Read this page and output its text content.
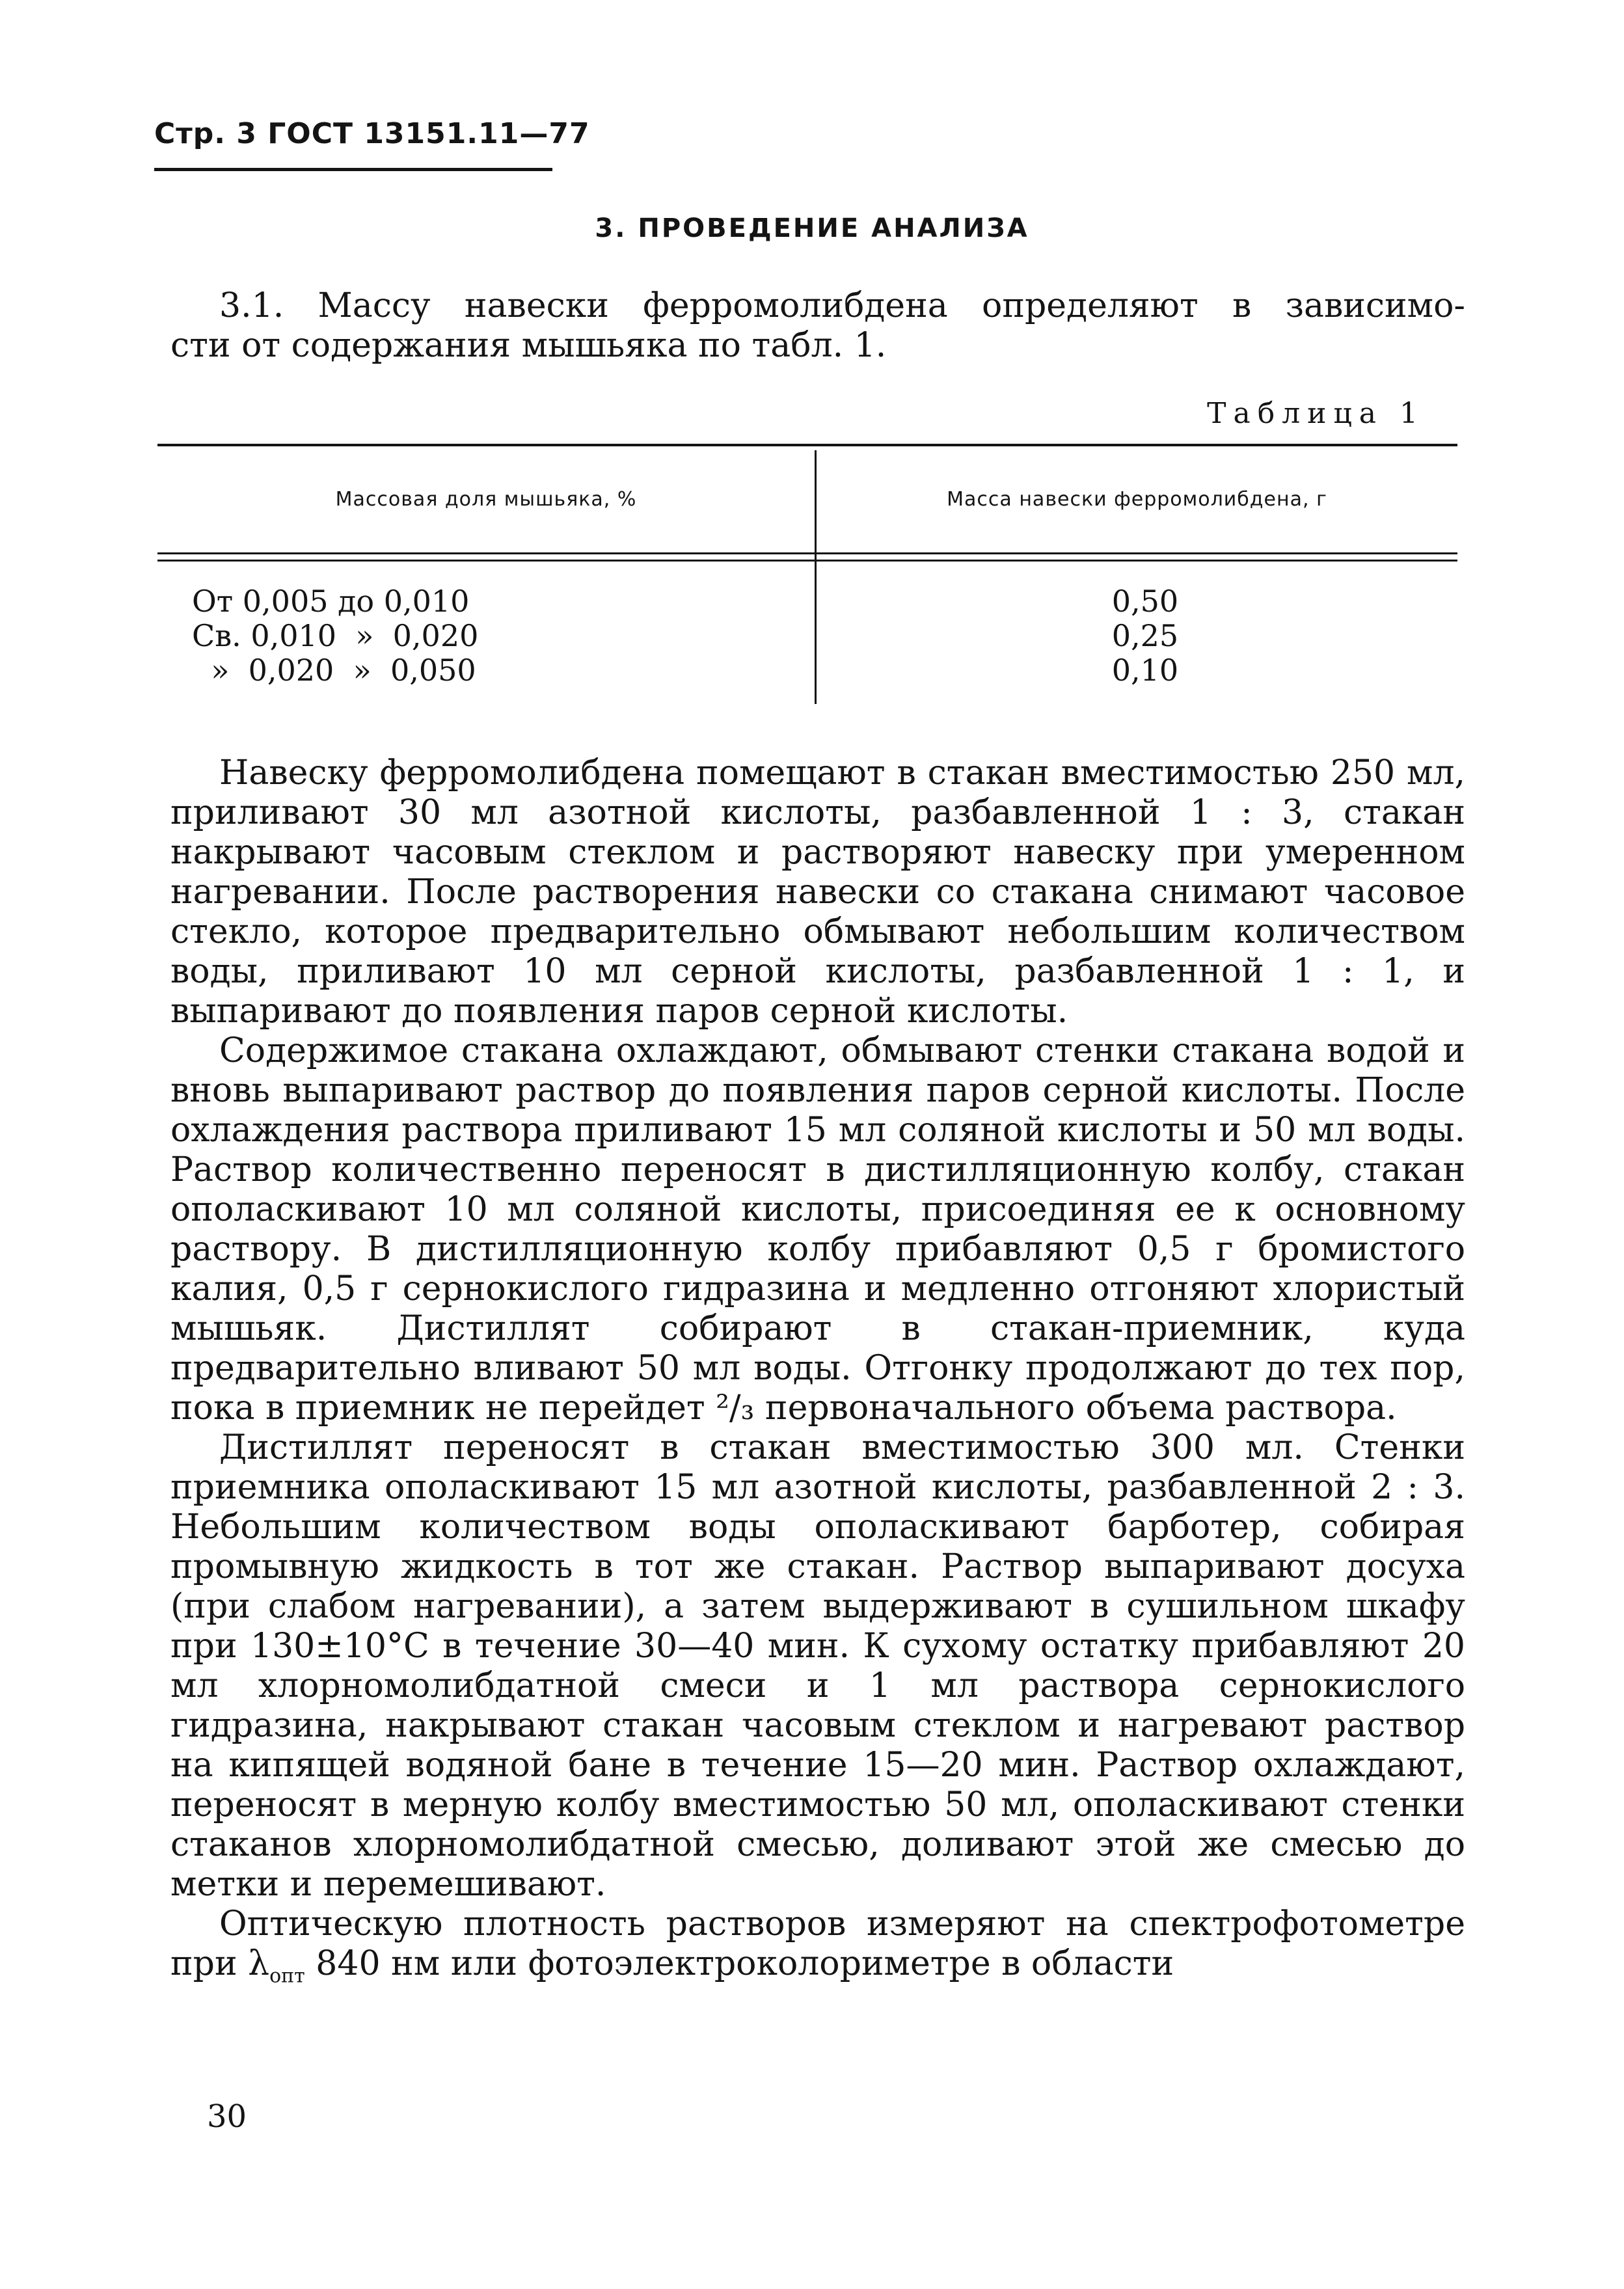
Стр. 3 ГОСТ 13151.11—77
3. ПРОВЕДЕНИЕ АНАЛИЗА
3.1. Массу навески ферромолибдена определяют в зависимо-
сти от содержания мышьяка по табл. 1.
Таблица 1
Массовая доля мышьяка, %	Масса навески ферромолибдена, г
От 0,005 до 0,010
Св. 0,010  »  0,020
»  0,020  »  0,050
0,50
0,25
0,10

Навеску ферромолибдена помещают в стакан вместимостью 250 мл, приливают 30 мл азотной кислоты, разбавленной 1 : 3, стакан накрывают часовым стеклом и растворяют навеску при умеренном нагревании. После растворения навески со стакана снимают часовое стекло, которое предварительно обмывают небольшим количеством воды, приливают 10 мл серной кислоты, разбавленной 1 : 1, и выпаривают до появления паров серной кислоты.

Содержимое стакана охлаждают, обмывают стенки стакана водой и вновь выпаривают раствор до появления паров серной кислоты. После охлаждения раствора приливают 15 мл соляной кислоты и 50 мл воды. Раствор количественно переносят в дистилляционную колбу, стакан ополаскивают 10 мл соляной кислоты, присоединяя ее к основному раствору. В дистилляционную колбу прибавляют 0,5 г бромистого калия, 0,5 г сернокислого гидразина и медленно отгоняют хлористый мышьяк. Дистиллят собирают в стакан-приемник, куда предварительно вливают 50 мл воды. Отгонку продолжают до тех пор, пока в приемник не перейдет ²/₃ первоначального объема раствора.

Дистиллят переносят в стакан вместимостью 300 мл. Стенки приемника ополаскивают 15 мл азотной кислоты, разбавленной 2 : 3. Небольшим количеством воды ополаскивают барботер, собирая промывную жидкость в тот же стакан. Раствор выпаривают досуха (при слабом нагревании), а затем выдерживают в сушильном шкафу при 130±10°С в течение 30—40 мин. К сухому остатку прибавляют 20 мл хлорномолибдатной смеси и 1 мл раствора сернокислого гидразина, накрывают стакан часовым стеклом и нагревают раствор на кипящей водяной бане в течение 15—20 мин. Раствор охлаждают, переносят в мерную колбу вместимостью 50 мл, ополаскивают стенки стаканов хлорномолибдатной смесью, доливают этой же смесью до метки и перемешивают.

Оптическую плотность растворов измеряют на спектрофотометре при $\lambda_{опт}$ 840 нм или фотоэлектроколориметре в области

30
